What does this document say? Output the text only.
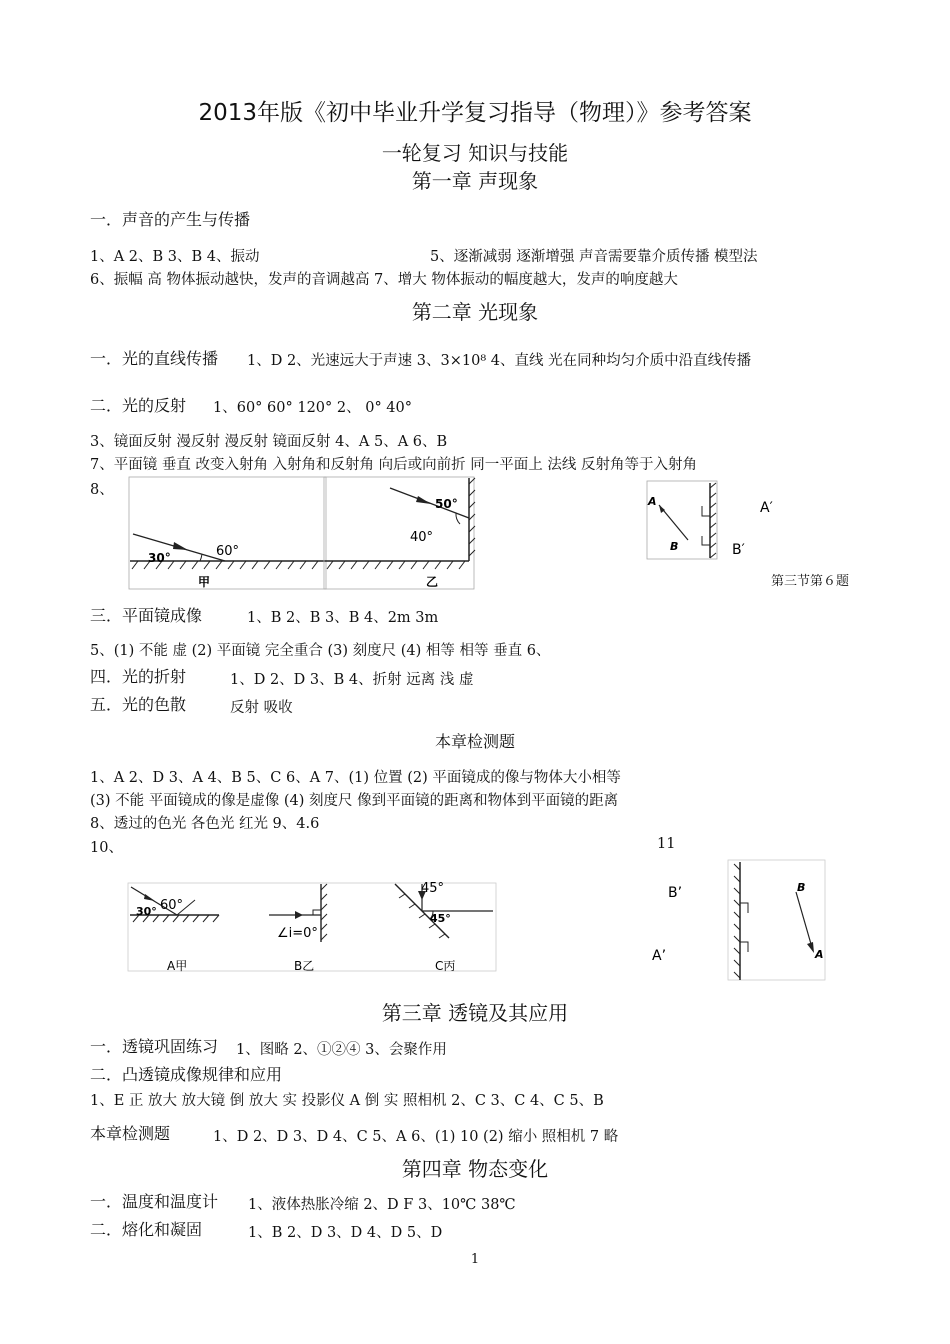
2013年版《初中毕业升学复习指导（物理）》参考答案
一轮复习 知识与技能
第一章 声现象
一．声音的产生与传播
1、A 2、B 3、B 4、振动	5、逐渐减弱 逐渐增强 声音需要靠介质传播 模型法
6、振幅 高 物体振动越快，发声的音调越高 7、增大 物体振动的幅度越大，发声的响度越大
第二章 光现象
一．光的直线传播 1、D 2、光速远大于声速 3、3×10⁸ 4、直线 光在同种均匀介质中沿直线传播
二．光的反射 1、60° 60° 120° 2、 0° 40°
3、镜面反射 漫反射 漫反射 镜面反射 4、A 5、A 6、B
7、平面镜 垂直 改变入射角 入射角和反射角 向后或向前折 同一平面上 法线 反射角等于入射角
8、
30°	60°
甲
50°
40°
乙
A
B
A′
B′
第三节第６题
三．平面镜成像	1、B 2、B 3、B 4、2m 3m
5、(1) 不能 虚 (2) 平面镜 完全重合 (3) 刻度尺 (4) 相等 相等 垂直 6、
四．光的折射	1、D 2、D 3、B 4、折射 远离 浅 虚
五．光的色散	反射 吸收
本章检测题
1、A 2、D 3、A 4、B 5、C 6、A 7、(1) 位置 (2) 平面镜成的像与物体大小相等
(3) 不能 平面镜成的像是虚像 (4) 刻度尺 像到平面镜的距离和物体到平面镜的距离
8、透过的色光 各色光 红光 9、4.6
10、	11
30° 60°
A甲
∠i=0°
B乙
45°
45°
C丙
B’
A’
B
A
第三章 透镜及其应用
一．透镜巩固练习 1、图略 2、①②④ 3、会聚作用
二．凸透镜成像规律和应用
1、E 正 放大 放大镜 倒 放大 实 投影仪 A 倒 实 照相机 2、C 3、C 4、C 5、B
本章检测题	1、D 2、D 3、D 4、C 5、A 6、(1) 10 (2) 缩小 照相机 7 略
第四章 物态变化
一．温度和温度计 1、液体热胀冷缩 2、D F 3、10℃ 38℃
二．熔化和凝固	1、B 2、D 3、D 4、D 5、D
1
